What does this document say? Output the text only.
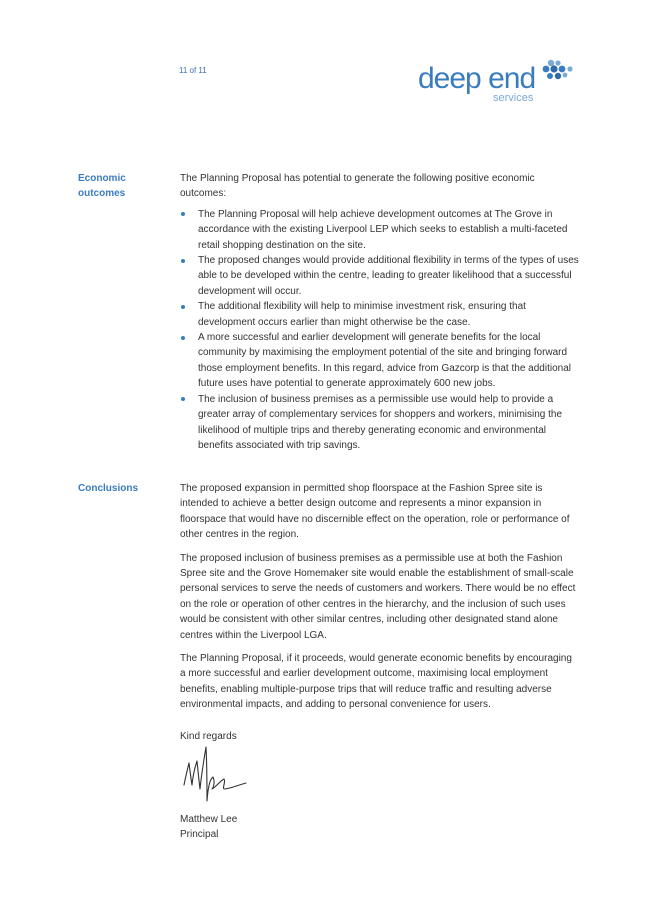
11 of 11	deep end
services
Economic
outcomes

The Planning Proposal has potential to generate the following positive economic outcomes:

The Planning Proposal will help achieve development outcomes at The Grove in accordance with the existing Liverpool LEP which seeks to establish a multi-faceted retail shopping destination on the site.
The proposed changes would provide additional flexibility in terms of the types of uses able to be developed within the centre, leading to greater likelihood that a successful development will occur.
The additional flexibility will help to minimise investment risk, ensuring that development occurs earlier than might otherwise be the case.
A more successful and earlier development will generate benefits for the local community by maximising the employment potential of the site and bringing forward those employment benefits. In this regard, advice from Gazcorp is that the additional future uses have potential to generate approximately 600 new jobs.
The inclusion of business premises as a permissible use would help to provide a greater array of complementary services for shoppers and workers, minimising the likelihood of multiple trips and thereby generating economic and environmental benefits associated with trip savings.
Conclusions	The proposed expansion in permitted shop floorspace at the Fashion Spree site is intended to achieve a better design outcome and represents a minor expansion in floorspace that would have no discernible effect on the operation, role or performance of other centres in the region.

The proposed inclusion of business premises as a permissible use at both the Fashion Spree site and the Grove Homemaker site would enable the establishment of small-scale personal services to serve the needs of customers and workers. There would be no effect on the role or operation of other centres in the hierarchy, and the inclusion of such uses would be consistent with other similar centres, including other designated stand alone centres within the Liverpool LGA.

The Planning Proposal, if it proceeds, would generate economic benefits by encouraging a more successful and earlier development outcome, maximising local employment benefits, enabling multiple-purpose trips that will reduce traffic and resulting adverse environmental impacts, and adding to personal convenience for users.

Kind regards
Matthew Lee
Principal
